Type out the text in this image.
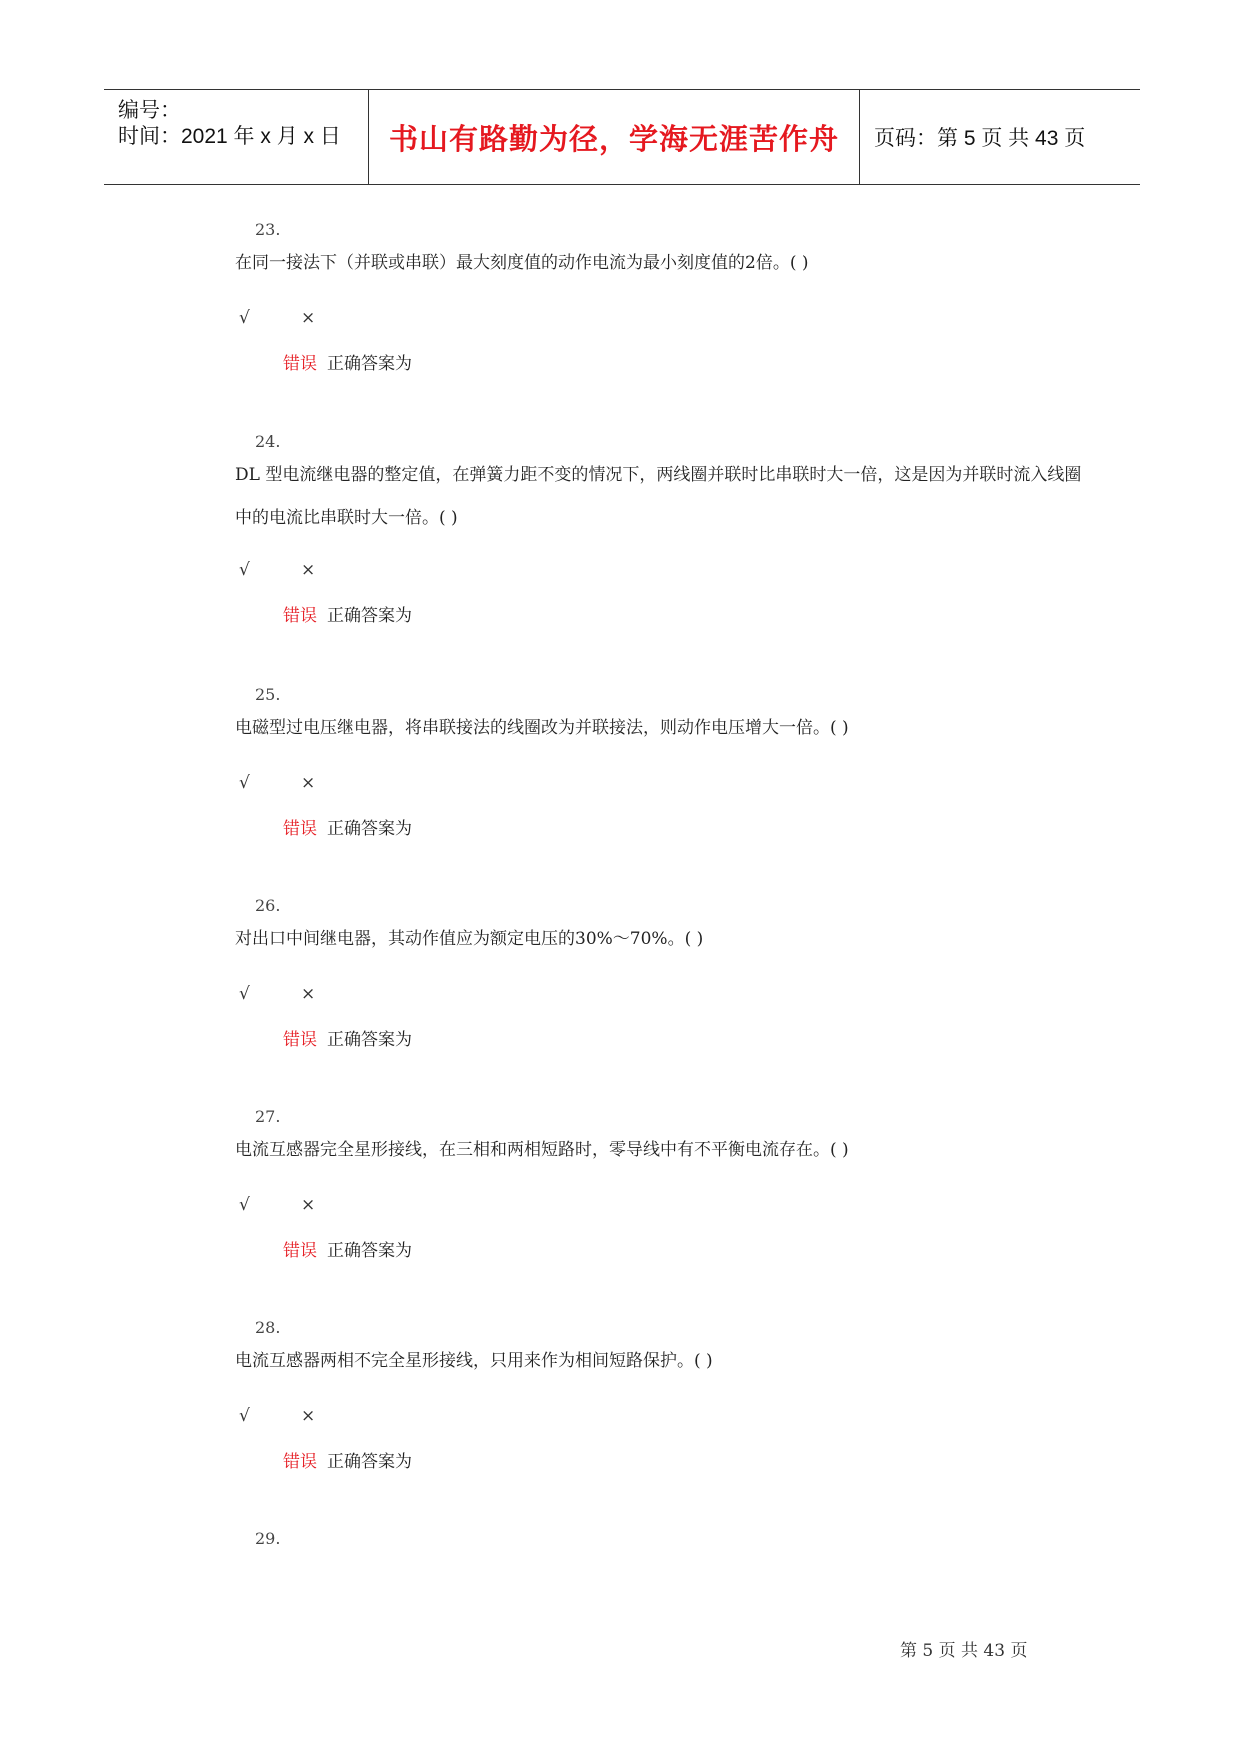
编号：
时间：2021 年 x 月 x 日 书山有路勤为径，学海无涯苦作舟 页码：第 5 页 共 43 页
23.
在同一接法下（并联或串联）最大刻度值的动作电流为最小刻度值的2倍。( )
√	×
错误 正确答案为
24.
DL 型电流继电器的整定值，在弹簧力距不变的情况下，两线圈并联时比串联时大一倍，这是因为并联时流入线圈中的电流比串联时大一倍。( )
√	×
错误 正确答案为
25.
电磁型过电压继电器，将串联接法的线圈改为并联接法，则动作电压增大一倍。( )
√	×
错误 正确答案为
26.
对出口中间继电器，其动作值应为额定电压的30%～70%。( )
√	×
错误 正确答案为
27.
电流互感器完全星形接线，在三相和两相短路时，零导线中有不平衡电流存在。( )
√	×
错误 正确答案为
28.
电流互感器两相不完全星形接线，只用来作为相间短路保护。( )
√	×
错误 正确答案为
29.
第 5 页 共 43 页
